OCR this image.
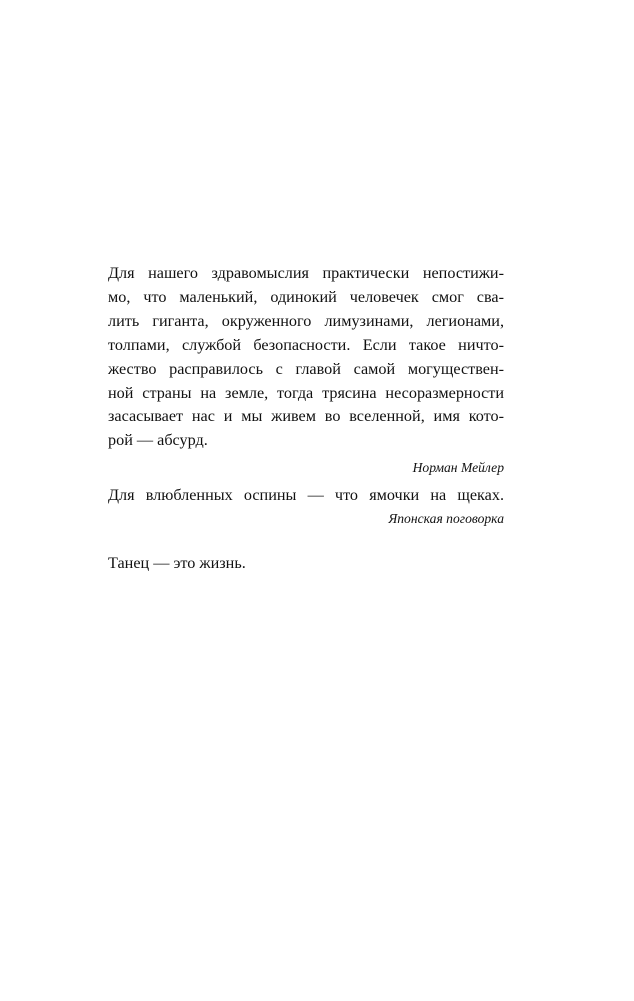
Для нашего здравомыслия практически непостижи-
мо, что маленький, одинокий человечек смог сва-
лить гиганта, окруженного лимузинами, легионами,
толпами, службой безопасности. Если такое ничто-
жество расправилось с главой самой могуществен-
ной страны на земле, тогда трясина несоразмерности
засасывает нас и мы живем во вселенной, имя кото-
рой — абсурд.

Норман Мейлер

Для влюбленных оспины — что ямочки на щеках.

Японская поговорка

Танец — это жизнь.
